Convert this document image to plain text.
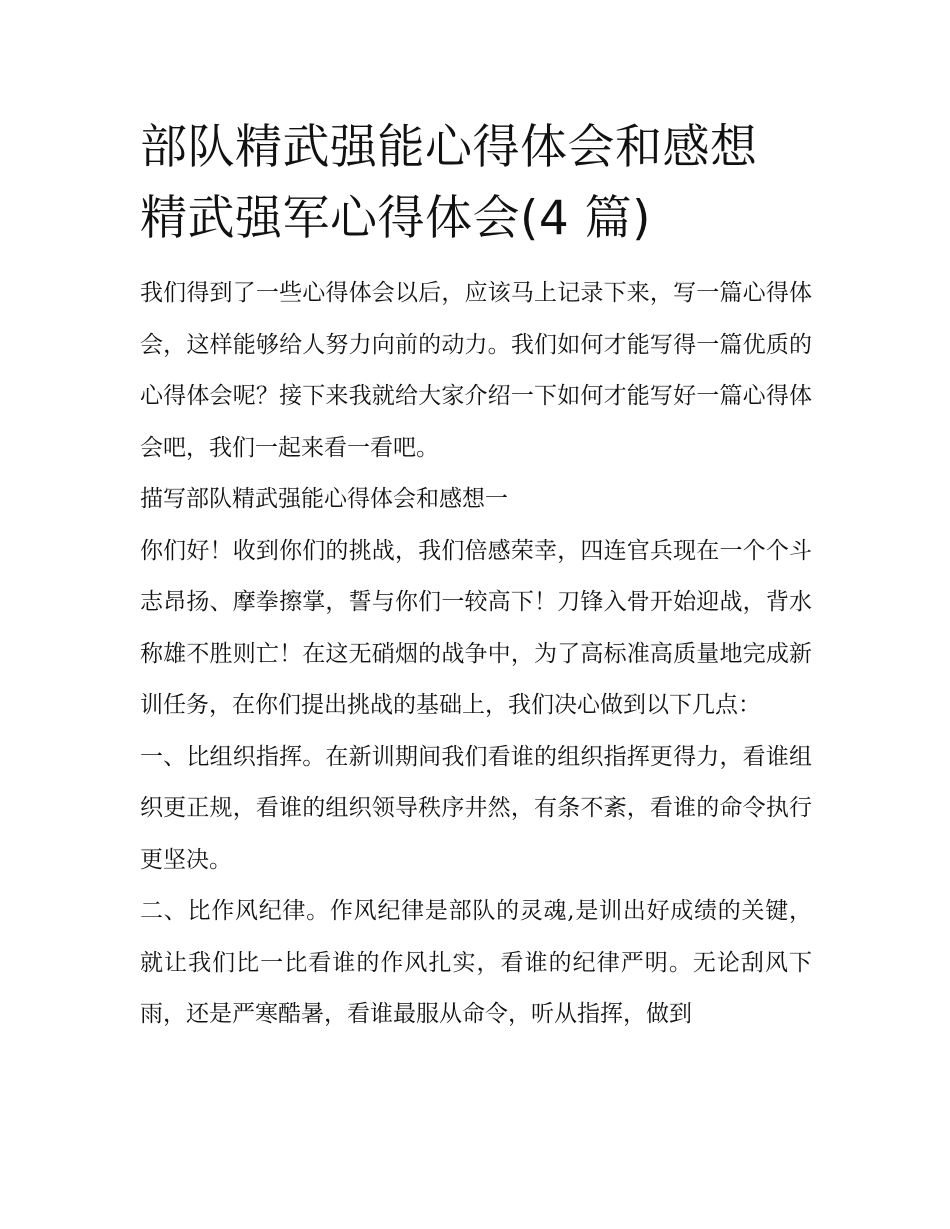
部队精武强能心得体会和感想
精武强军心得体会(4 篇)

我们得到了一些心得体会以后，应该马上记录下来，写一篇心得体会，这样能够给人努力向前的动力。我们如何才能写得一篇优质的心得体会呢？接下来我就给大家介绍一下如何才能写好一篇心得体会吧，我们一起来看一看吧。

描写部队精武强能心得体会和感想一

你们好！收到你们的挑战，我们倍感荣幸，四连官兵现在一个个斗志昂扬、摩拳擦掌，誓与你们一较高下！刀锋入骨开始迎战，背水称雄不胜则亡！在这无硝烟的战争中，为了高标准高质量地完成新训任务，在你们提出挑战的基础上，我们决心做到以下几点：

一、比组织指挥。在新训期间我们看谁的组织指挥更得力，看谁组织更正规，看谁的组织领导秩序井然，有条不紊，看谁的命令执行更坚决。

二、比作风纪律。作风纪律是部队的灵魂,是训出好成绩的关键，就让我们比一比看谁的作风扎实，看谁的纪律严明。无论刮风下雨，还是严寒酷暑，看谁最服从命令，听从指挥，做到
